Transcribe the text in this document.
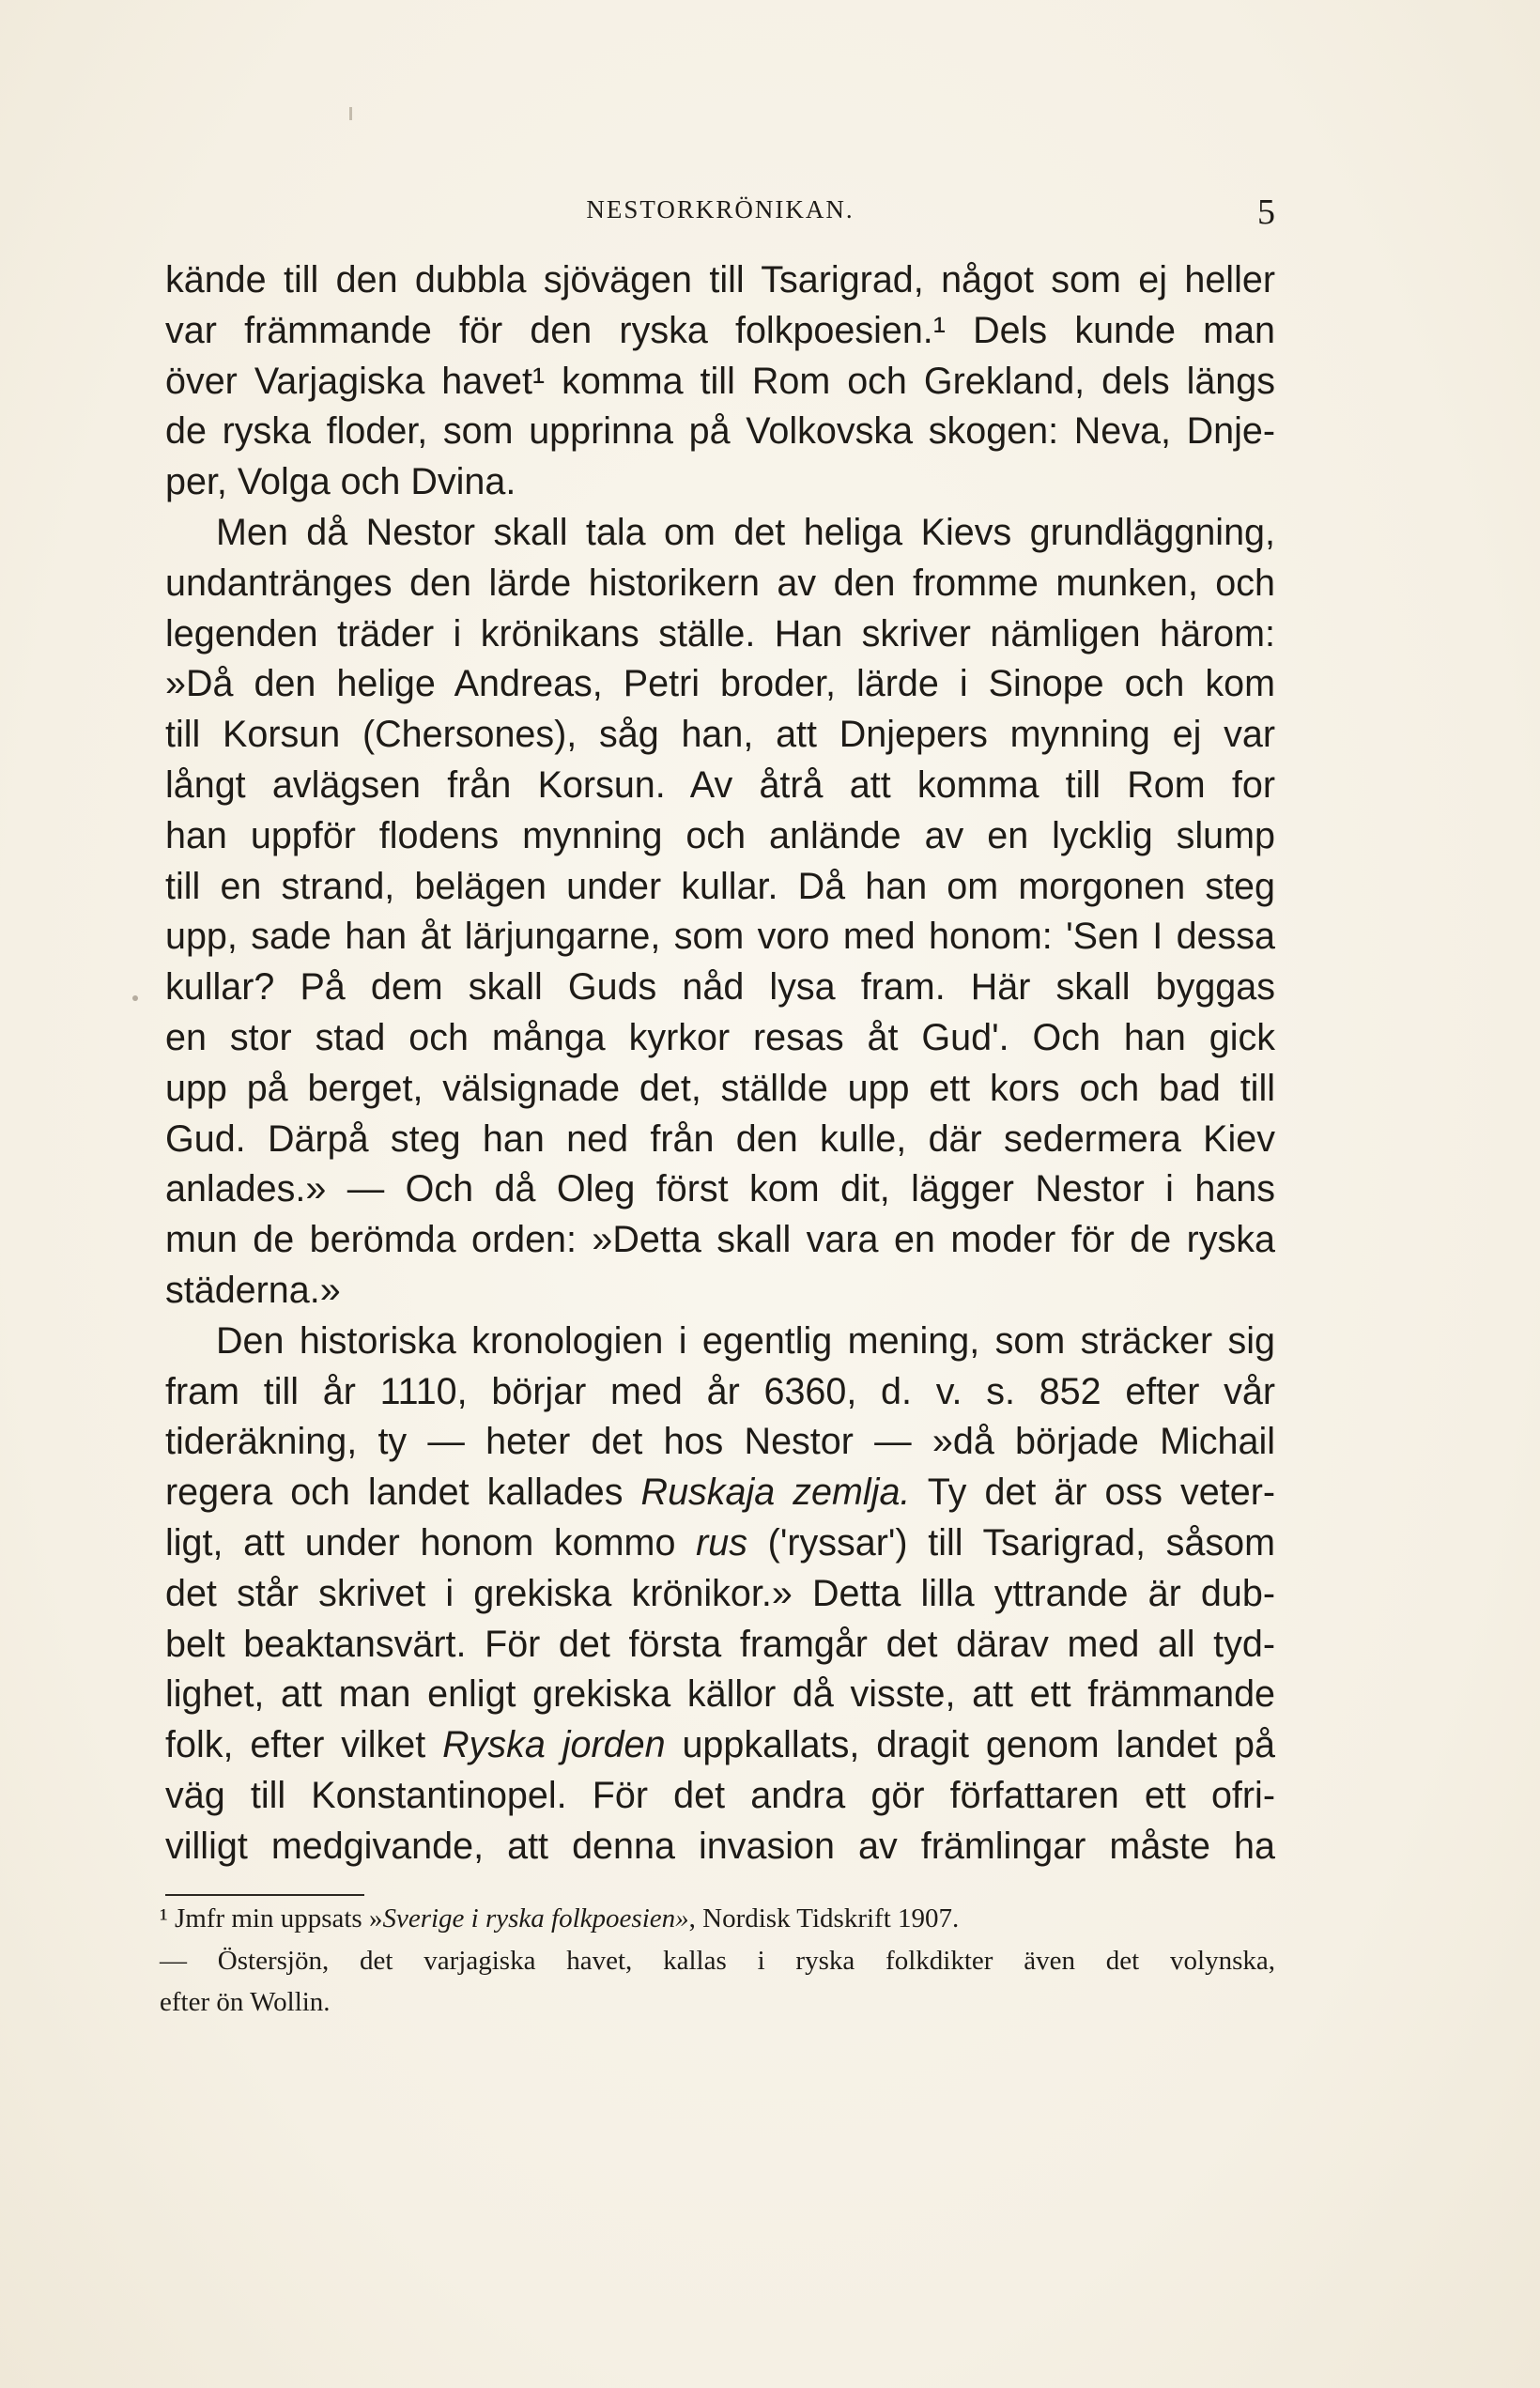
NESTORKRÖNIKAN.	5
kände till den dubbla sjövägen till Tsarigrad, något som ej heller
var främmande för den ryska folkpoesien.¹ Dels kunde man
över Varjagiska havet¹ komma till Rom och Grekland, dels längs
de ryska floder, som upprinna på Volkovska skogen: Neva, Dnje-
per, Volga och Dvina.
Men då Nestor skall tala om det heliga Kievs grundläggning,
undantränges den lärde historikern av den fromme munken, och
legenden träder i krönikans ställe. Han skriver nämligen härom:
»Då den helige Andreas, Petri broder, lärde i Sinope och kom
till Korsun (Chersones), såg han, att Dnjepers mynning ej var
långt avlägsen från Korsun. Av åtrå att komma till Rom for
han uppför flodens mynning och anlände av en lycklig slump
till en strand, belägen under kullar. Då han om morgonen steg
upp, sade han åt lärjungarne, som voro med honom: 'Sen I dessa
kullar? På dem skall Guds nåd lysa fram. Här skall byggas
en stor stad och många kyrkor resas åt Gud'. Och han gick
upp på berget, välsignade det, ställde upp ett kors och bad till
Gud. Därpå steg han ned från den kulle, där sedermera Kiev
anlades.» — Och då Oleg först kom dit, lägger Nestor i hans
mun de berömda orden: »Detta skall vara en moder för de ryska
städerna.»
Den historiska kronologien i egentlig mening, som sträcker sig
fram till år 1110, börjar med år 6360, d. v. s. 852 efter vår
tideräkning, ty — heter det hos Nestor — »då började Michail
regera och landet kallades Ruskaja zemlja. Ty det är oss veter-
ligt, att under honom kommo rus ('ryssar') till Tsarigrad, såsom
det står skrivet i grekiska krönikor.» Detta lilla yttrande är dub-
belt beaktansvärt. För det första framgår det därav med all tyd-
lighet, att man enligt grekiska källor då visste, att ett främmande
folk, efter vilket Ryska jorden uppkallats, dragit genom landet på
väg till Konstantinopel. För det andra gör författaren ett ofri-
villigt medgivande, att denna invasion av främlingar måste ha
¹ Jmfr min uppsats »Sverige i ryska folkpoesien», Nordisk Tidskrift 1907.
— Östersjön, det varjagiska havet, kallas i ryska folkdikter även det volynska,
efter ön Wollin.
